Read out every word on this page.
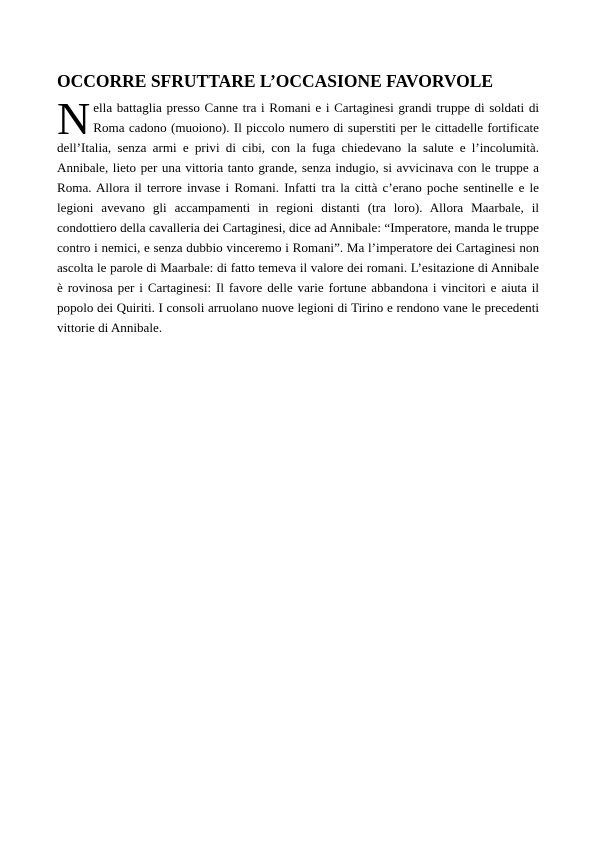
OCCORRE SFRUTTARE L’OCCASIONE FAVORVOLE

Nella battaglia presso Canne tra i Romani e i Cartaginesi grandi truppe di soldati di Roma cadono (muoiono). Il piccolo numero di superstiti per le cittadelle fortificate dell’Italia, senza armi e privi di cibi, con la fuga chiedevano la salute e l’incolumità. Annibale, lieto per una vittoria tanto grande, senza indugio, si avvicinava con le truppe a Roma. Allora il terrore invase i Romani. Infatti tra la città c’erano poche sentinelle e le legioni avevano gli accampamenti in regioni distanti (tra loro). Allora Maarbale, il condottiero della cavalleria dei Cartaginesi, dice ad Annibale: “Imperatore, manda le truppe contro i nemici, e senza dubbio vinceremo i Romani”. Ma l’imperatore dei Cartaginesi non ascolta le parole di Maarbale: di fatto temeva il valore dei romani. L’esitazione di Annibale è rovinosa per i Cartaginesi: Il favore delle varie fortune abbandona i vincitori e aiuta il popolo dei Quiriti. I consoli arruolano nuove legioni di Tirino e rendono vane le precedenti vittorie di Annibale.
